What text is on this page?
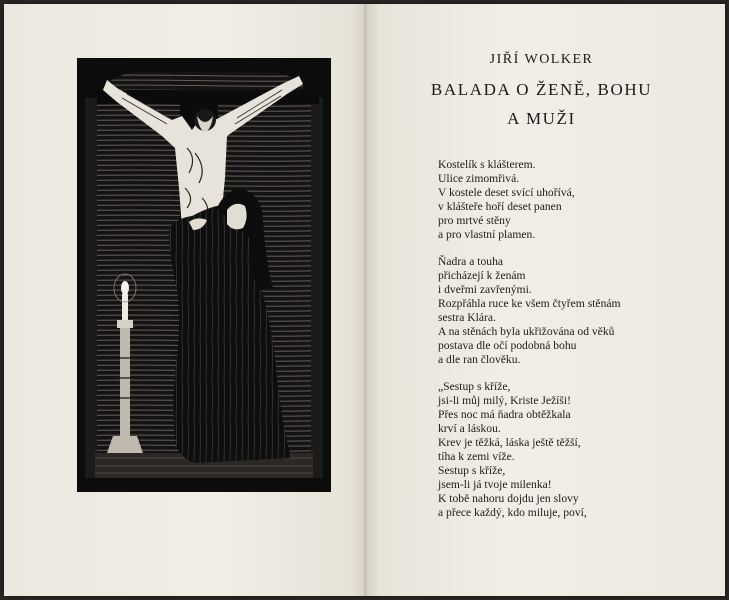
JIŘÍ WOLKER

BALADA O ŽENĚ, BOHU

A MUŽI

Kostelík s klášterem.
Ulice zimomřivá.
V kostele deset svící uhořívá,
v klášteře hoří deset panen
pro mrtvé stěny
a pro vlastní plamen.
Ňadra a touha
přicházejí k ženám
i dveřmi zavřenými.
Rozpřáhla ruce ke všem čtyřem stěnám
sestra Klára.
A na stěnách byla ukřižována od věků
postava dle očí podobná bohu
a dle ran člověku.
„Sestup s kříže,
jsi-li můj milý, Kriste Ježíši!
Přes noc má ňadra obtěžkala
krví a láskou.
Krev je těžká, láska ještě těžší,
tíha k zemi víže.
Sestup s kříže,
jsem-li já tvoje milenka!
K tobě nahoru dojdu jen slovy
a přece každý, kdo miluje, poví,
